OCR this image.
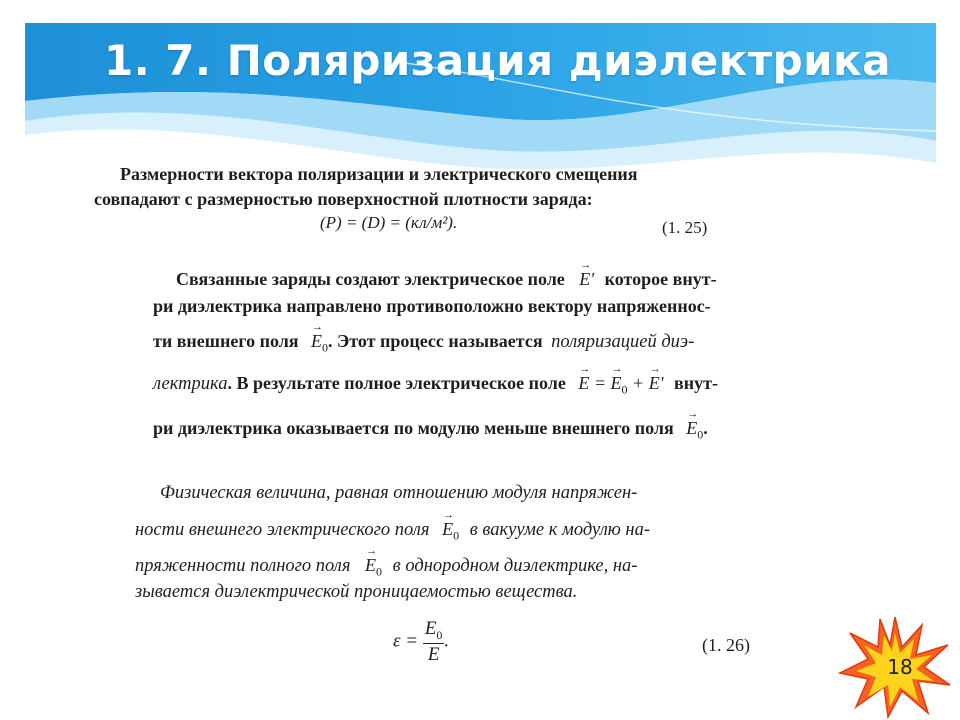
1. 7. Поляризация диэлектрика
Размерности вектора поляризации и электрического смещения
совпадают с размерностью поверхностной плотности заряда:
(P) = (D) = (кл/м²).	(1. 25)
Связанные заряды создают электрическое поле → E' которое внут-
ри диэлектрика направлено противоположно вектору напряженнос-
ти внешнего поля → $E_0$. Этот процесс называется поляризацией диэ-
лектрика. В результате полное электрическое поле → E = → $E_0$ + → E' внут-
ри диэлектрика оказывается по модулю меньше внешнего поля → $E_0$.
Физическая величина, равная отношению модуля напряжен-
ности внешнего электрического поля → $E_0$ в вакууме к модулю на-
пряженности полного поля → $E_0$ в однородном диэлектрике, на-
зывается диэлектрической проницаемостью вещества.
$\varepsilon = \frac{E_0}{E}$ .	(1. 26)
18
